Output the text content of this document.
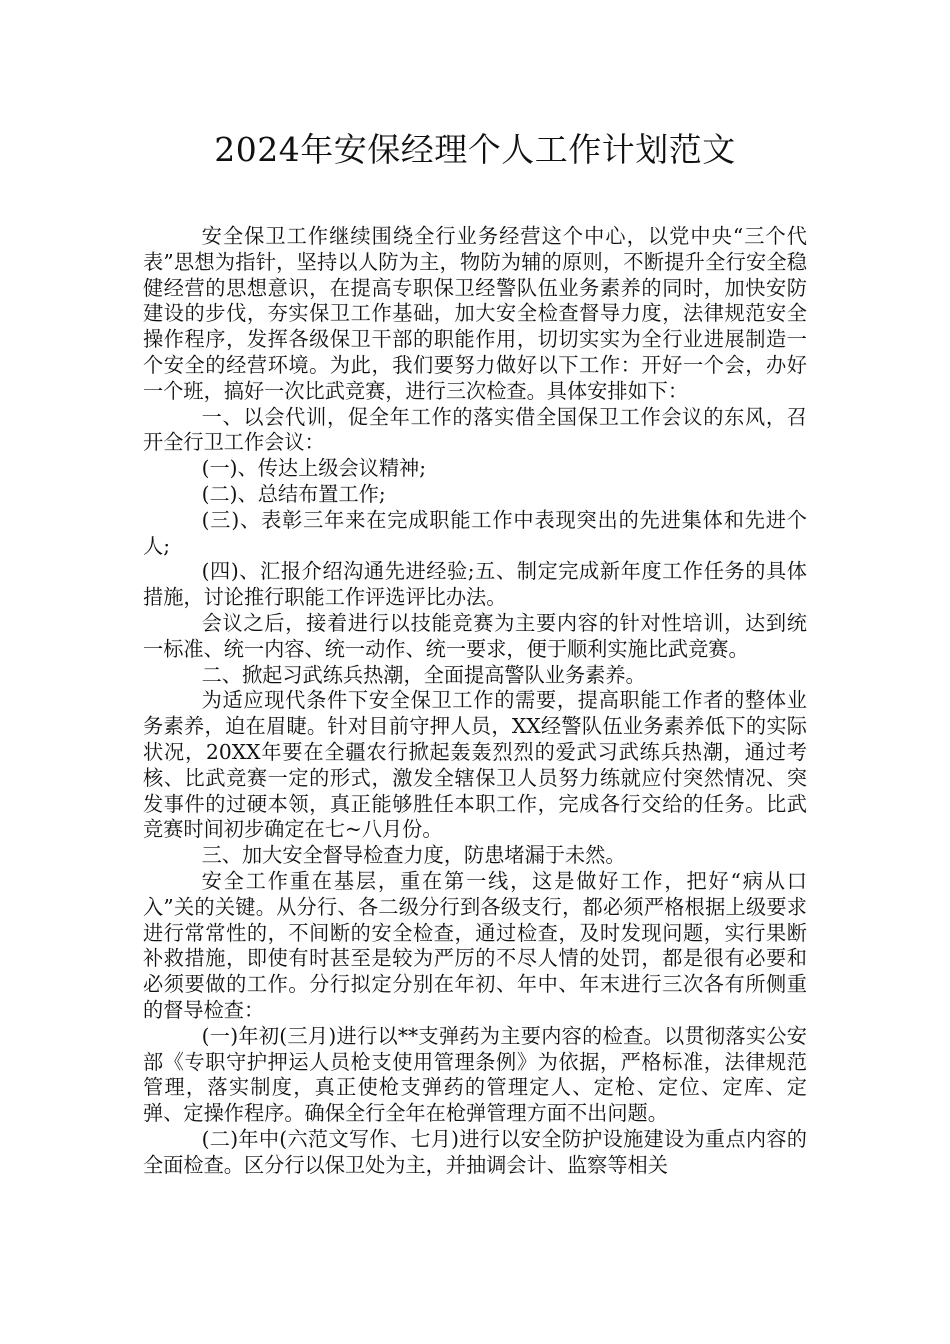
2024年安保经理个人工作计划范文

安全保卫工作继续围绕全行业务经营这个中心，以党中央“三个代表”思想为指针，坚持以人防为主，物防为辅的原则，不断提升全行安全稳健经营的思想意识，在提高专职保卫经警队伍业务素养的同时，加快安防建设的步伐，夯实保卫工作基础，加大安全检查督导力度，法律规范安全操作程序，发挥各级保卫干部的职能作用，切切实实为全行业进展制造一个安全的经营环境。为此，我们要努力做好以下工作：开好一个会，办好一个班，搞好一次比武竞赛，进行三次检查。具体安排如下：

一、以会代训，促全年工作的落实借全国保卫工作会议的东风，召开全行卫工作会议：

(一)、传达上级会议精神;

(二)、总结布置工作;

(三)、表彰三年来在完成职能工作中表现突出的先进集体和先进个人;

(四)、汇报介绍沟通先进经验;五、制定完成新年度工作任务的具体措施，讨论推行职能工作评选评比办法。

会议之后，接着进行以技能竞赛为主要内容的针对性培训，达到统一标准、统一内容、统一动作、统一要求，便于顺利实施比武竞赛。

二、掀起习武练兵热潮，全面提高警队业务素养。

为适应现代条件下安全保卫工作的需要，提高职能工作者的整体业务素养，迫在眉睫。针对目前守押人员，XX经警队伍业务素养低下的实际状况，20XX年要在全疆农行掀起轰轰烈烈的爱武习武练兵热潮，通过考核、比武竞赛一定的形式，激发全辖保卫人员努力练就应付突然情况、突发事件的过硬本领，真正能够胜任本职工作，完成各行交给的任务。比武竞赛时间初步确定在七~八月份。

三、加大安全督导检查力度，防患堵漏于未然。

安全工作重在基层，重在第一线，这是做好工作，把好“病从口入”关的关键。从分行、各二级分行到各级支行，都必须严格根据上级要求进行常常性的，不间断的安全检查，通过检查，及时发现问题，实行果断补救措施，即使有时甚至是较为严厉的不尽人情的处罚，都是很有必要和必须要做的工作。分行拟定分别在年初、年中、年末进行三次各有所侧重的督导检查：

(一)年初(三月)进行以**支弹药为主要内容的检查。以贯彻落实公安部《专职守护押运人员枪支使用管理条例》为依据，严格标准，法律规范管理，落实制度，真正使枪支弹药的管理定人、定枪、定位、定库、定弹、定操作程序。确保全行全年在枪弹管理方面不出问题。

(二)年中(六范文写作、七月)进行以安全防护设施建设为重点内容的全面检查。区分行以保卫处为主，并抽调会计、监察等相关
